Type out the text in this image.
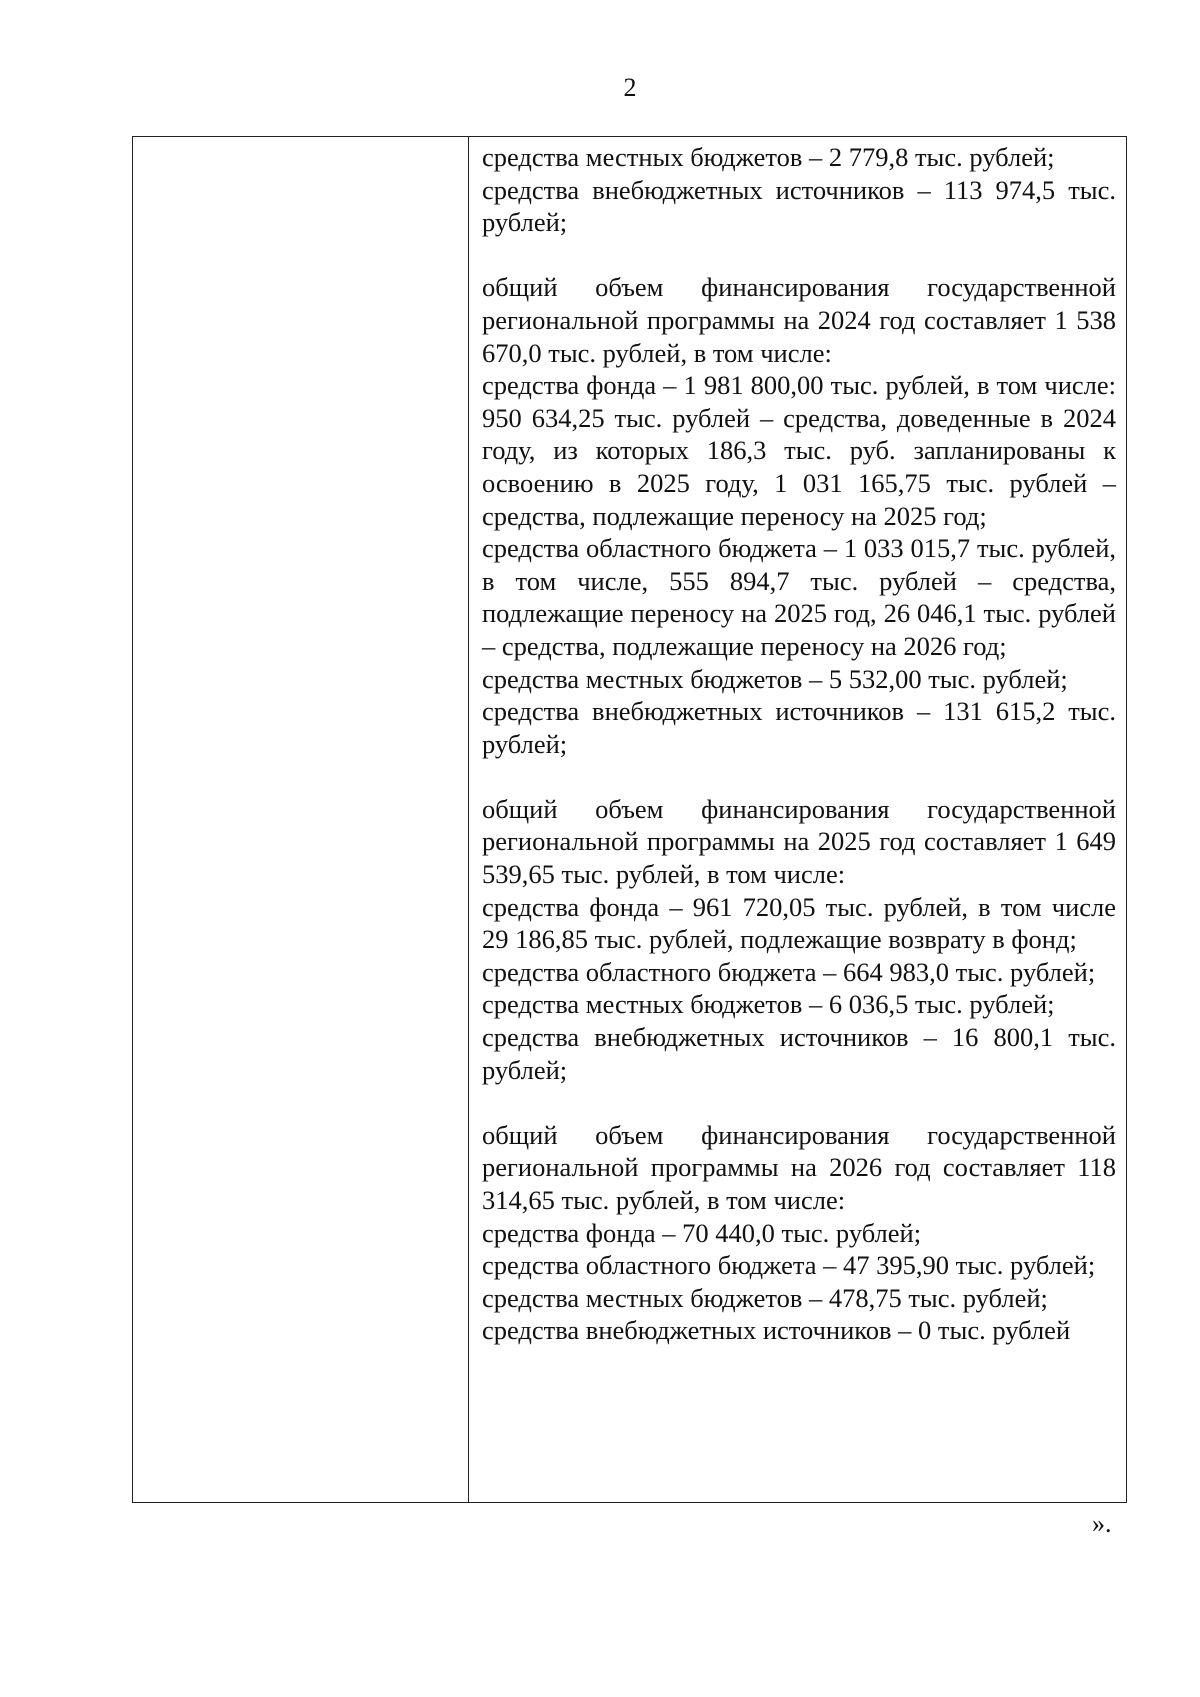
2

средства местных бюджетов – 2 779,8 тыс. рублей;

средства внебюджетных источников – 113 974,5 тыс. рублей;

общий объем финансирования государственной региональной программы на 2024 год составляет 1 538 670,0 тыс. рублей, в том числе:

средства фонда – 1 981 800,00 тыс. рублей, в том числе: 950 634,25 тыс. рублей – средства, доведенные в 2024 году, из которых 186,3 тыс. руб. запланированы к освоению в 2025 году, 1 031 165,75 тыс. рублей – средства, подлежащие переносу на 2025 год;

средства областного бюджета – 1 033 015,7 тыс. рублей, в том числе, 555 894,7 тыс. рублей – средства, подлежащие переносу на 2025 год, 26 046,1 тыс. рублей – средства, подлежащие переносу на 2026 год;

средства местных бюджетов – 5 532,00 тыс. рублей;

средства внебюджетных источников – 131 615,2 тыс. рублей;

общий объем финансирования государственной региональной программы на 2025 год составляет 1 649 539,65 тыс. рублей, в том числе:

средства фонда – 961 720,05 тыс. рублей, в том числе 29 186,85 тыс. рублей, подлежащие возврату в фонд;

средства областного бюджета – 664 983,0 тыс. рублей;

средства местных бюджетов – 6 036,5 тыс. рублей;

средства внебюджетных источников – 16 800,1 тыс. рублей;

общий объем финансирования государственной региональной программы на 2026 год составляет 118 314,65 тыс. рублей, в том числе:

средства фонда – 70 440,0 тыс. рублей;

средства областного бюджета – 47 395,90 тыс. рублей;

средства местных бюджетов – 478,75 тыс. рублей;

средства внебюджетных источников – 0 тыс. рублей

».
